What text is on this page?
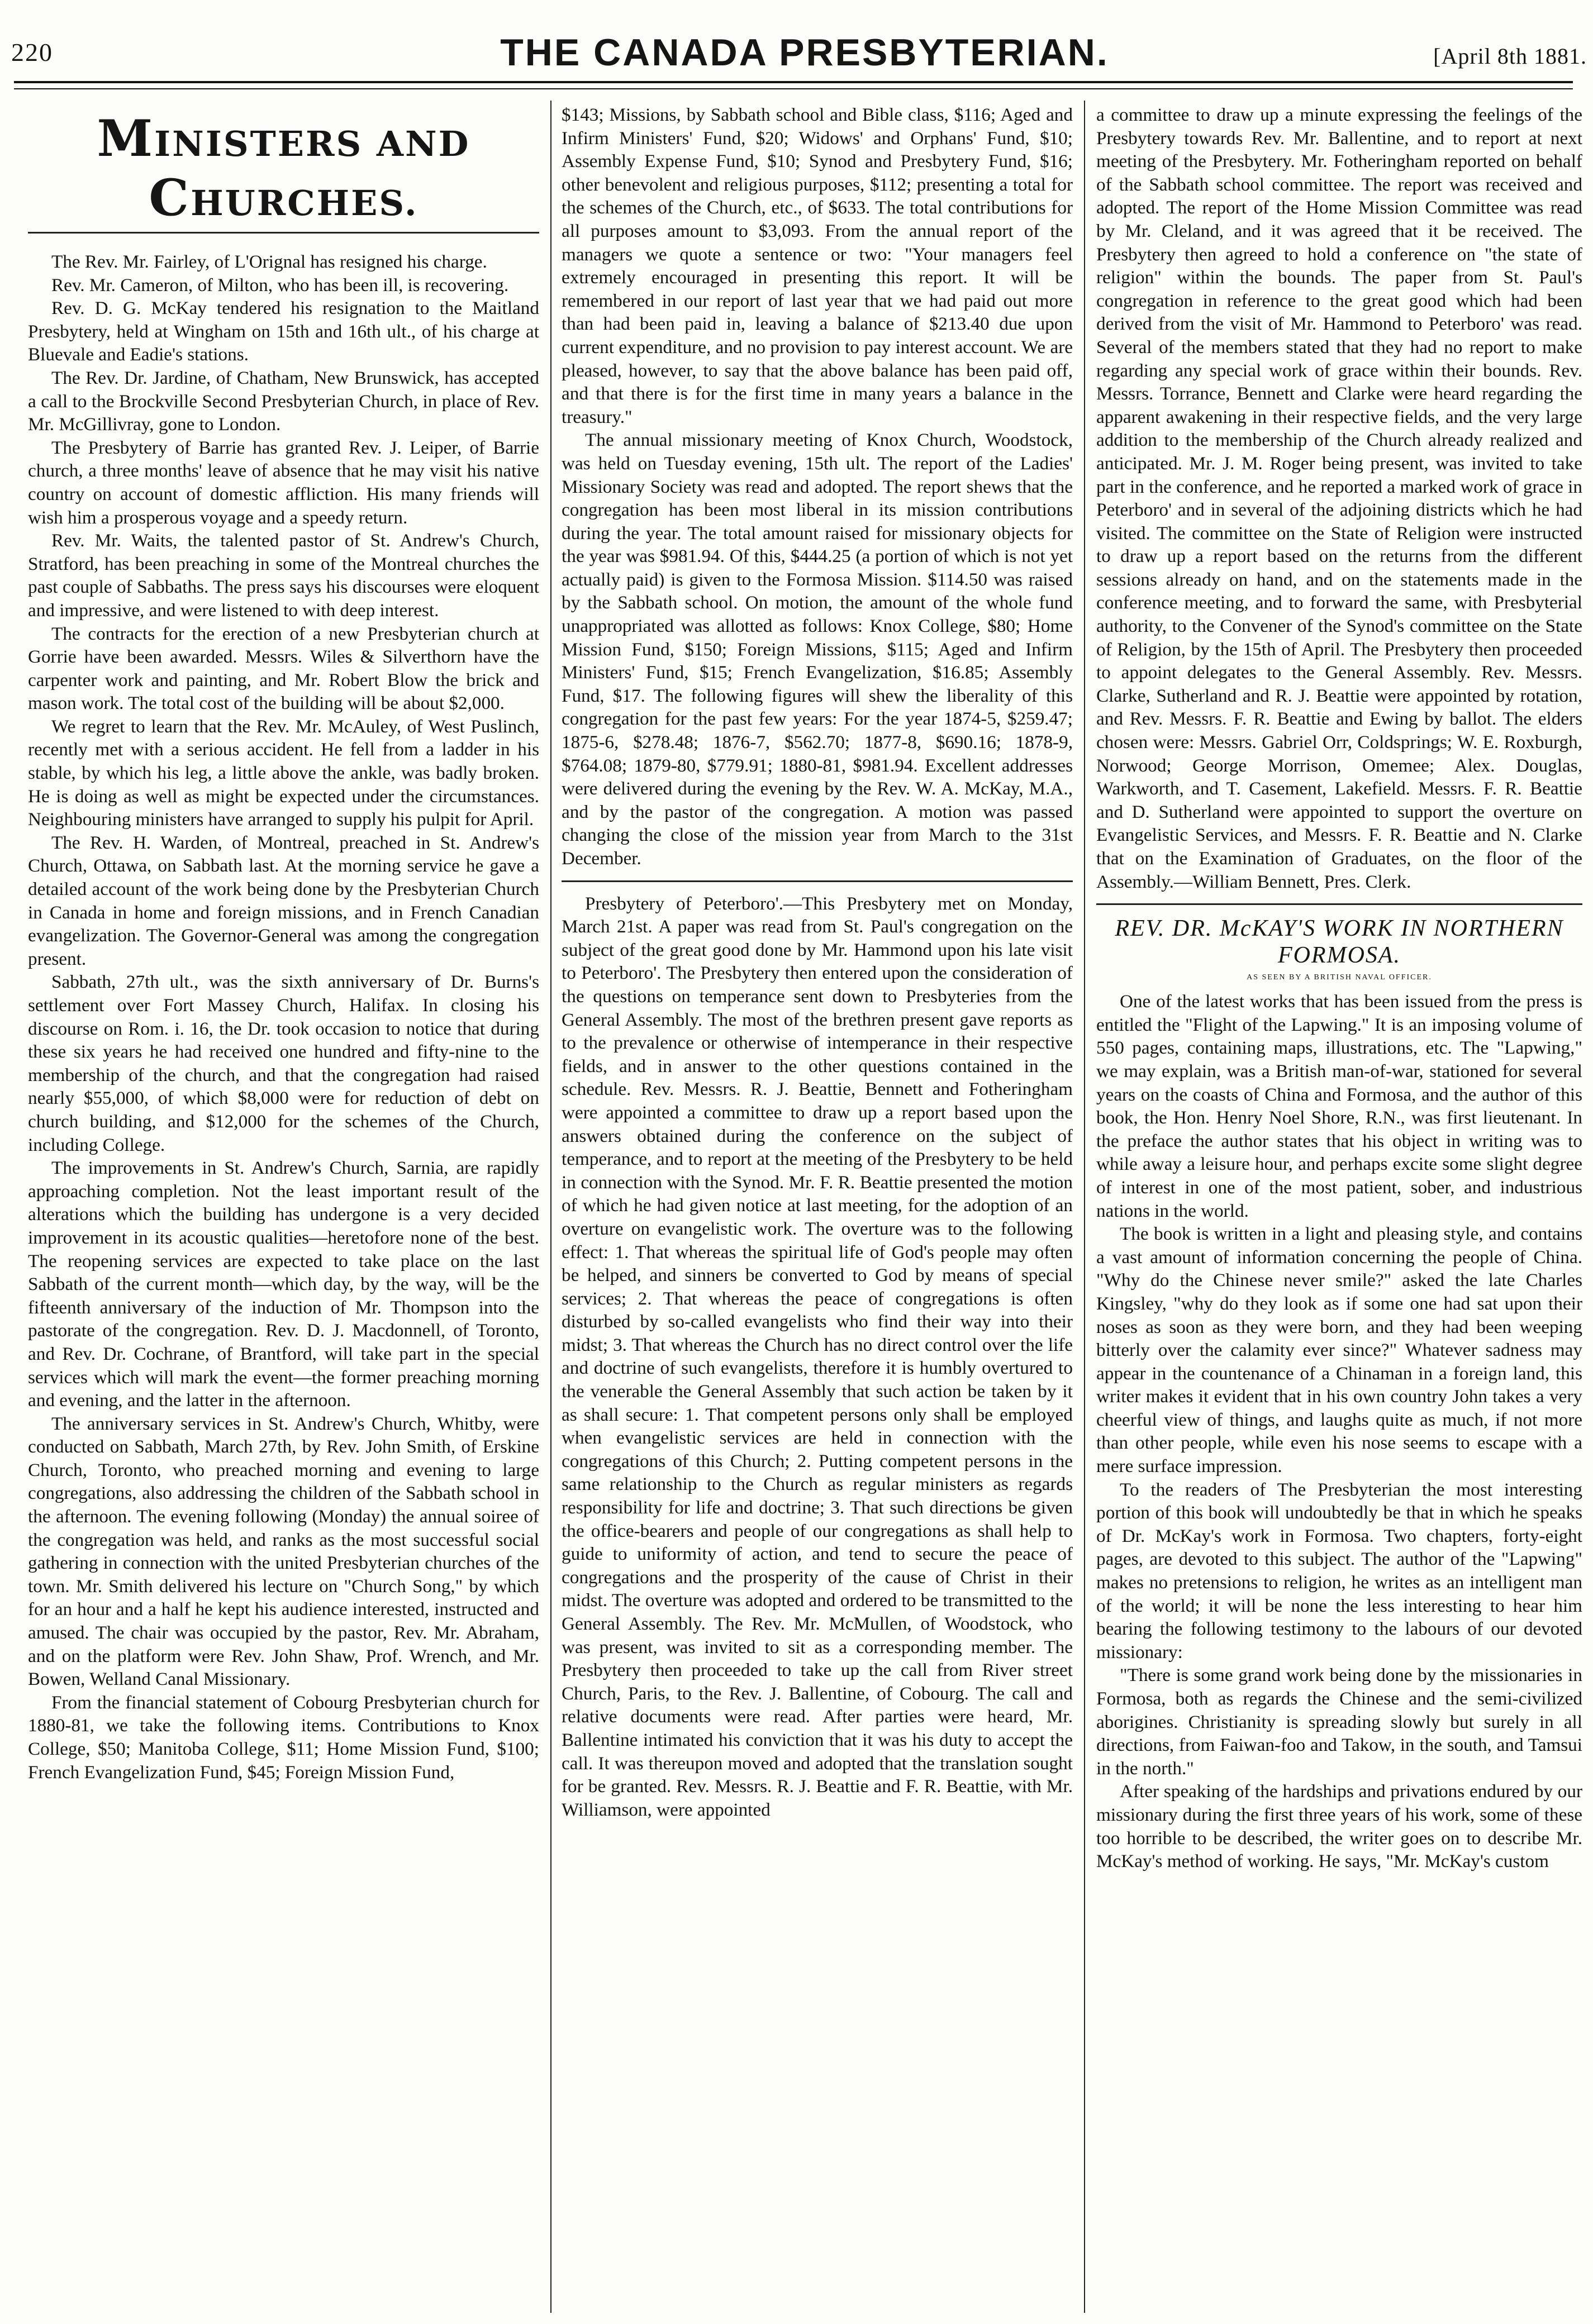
220	THE CANADA PRESBYTERIAN.	[April 8th 1881.
MINISTERS AND CHURCHES.

The Rev. Mr. Fairley, of L'Orignal has resigned his charge.

Rev. Mr. Cameron, of Milton, who has been ill, is recovering.

Rev. D. G. McKay tendered his resignation to the Maitland Presbytery, held at Wingham on 15th and 16th ult., of his charge at Bluevale and Eadie's stations.

The Rev. Dr. Jardine, of Chatham, New Brunswick, has accepted a call to the Brockville Second Presbyterian Church, in place of Rev. Mr. McGillivray, gone to London.

The Presbytery of Barrie has granted Rev. J. Leiper, of Barrie church, a three months' leave of absence that he may visit his native country on account of domestic affliction. His many friends will wish him a prosperous voyage and a speedy return.

Rev. Mr. Waits, the talented pastor of St. Andrew's Church, Stratford, has been preaching in some of the Montreal churches the past couple of Sabbaths. The press says his discourses were eloquent and impressive, and were listened to with deep interest.

The contracts for the erection of a new Presbyterian church at Gorrie have been awarded. Messrs. Wiles & Silverthorn have the carpenter work and painting, and Mr. Robert Blow the brick and mason work. The total cost of the building will be about $2,000.

We regret to learn that the Rev. Mr. McAuley, of West Puslinch, recently met with a serious accident. He fell from a ladder in his stable, by which his leg, a little above the ankle, was badly broken. He is doing as well as might be expected under the circumstances. Neighbouring ministers have arranged to supply his pulpit for April.

The Rev. H. Warden, of Montreal, preached in St. Andrew's Church, Ottawa, on Sabbath last. At the morning service he gave a detailed account of the work being done by the Presbyterian Church in Canada in home and foreign missions, and in French Canadian evangelization. The Governor-General was among the congregation present.

Sabbath, 27th ult., was the sixth anniversary of Dr. Burns's settlement over Fort Massey Church, Halifax. In closing his discourse on Rom. i. 16, the Dr. took occasion to notice that during these six years he had received one hundred and fifty-nine to the membership of the church, and that the congregation had raised nearly $55,000, of which $8,000 were for reduction of debt on church building, and $12,000 for the schemes of the Church, including College.

The improvements in St. Andrew's Church, Sarnia, are rapidly approaching completion. Not the least important result of the alterations which the building has undergone is a very decided improvement in its acoustic qualities—heretofore none of the best. The reopening services are expected to take place on the last Sabbath of the current month—which day, by the way, will be the fifteenth anniversary of the induction of Mr. Thompson into the pastorate of the congregation. Rev. D. J. Macdonnell, of Toronto, and Rev. Dr. Cochrane, of Brantford, will take part in the special services which will mark the event—the former preaching morning and evening, and the latter in the afternoon.

The anniversary services in St. Andrew's Church, Whitby, were conducted on Sabbath, March 27th, by Rev. John Smith, of Erskine Church, Toronto, who preached morning and evening to large congregations, also addressing the children of the Sabbath school in the afternoon. The evening following (Monday) the annual soiree of the congregation was held, and ranks as the most successful social gathering in connection with the united Presbyterian churches of the town. Mr. Smith delivered his lecture on "Church Song," by which for an hour and a half he kept his audience interested, instructed and amused. The chair was occupied by the pastor, Rev. Mr. Abraham, and on the platform were Rev. John Shaw, Prof. Wrench, and Mr. Bowen, Welland Canal Missionary.

From the financial statement of Cobourg Presbyterian church for 1880-81, we take the following items. Contributions to Knox College, $50; Manitoba College, $11; Home Mission Fund, $100; French Evangelization Fund, $45; Foreign Mission Fund,

$143; Missions, by Sabbath school and Bible class, $116; Aged and Infirm Ministers' Fund, $20; Widows' and Orphans' Fund, $10; Assembly Expense Fund, $10; Synod and Presbytery Fund, $16; other benevolent and religious purposes, $112; presenting a total for the schemes of the Church, etc., of $633. The total contributions for all purposes amount to $3,093. From the annual report of the managers we quote a sentence or two: "Your managers feel extremely encouraged in presenting this report. It will be remembered in our report of last year that we had paid out more than had been paid in, leaving a balance of $213.40 due upon current expenditure, and no provision to pay interest account. We are pleased, however, to say that the above balance has been paid off, and that there is for the first time in many years a balance in the treasury."

The annual missionary meeting of Knox Church, Woodstock, was held on Tuesday evening, 15th ult. The report of the Ladies' Missionary Society was read and adopted. The report shews that the congregation has been most liberal in its mission contributions during the year. The total amount raised for missionary objects for the year was $981.94. Of this, $444.25 (a portion of which is not yet actually paid) is given to the Formosa Mission. $114.50 was raised by the Sabbath school. On motion, the amount of the whole fund unappropriated was allotted as follows: Knox College, $80; Home Mission Fund, $150; Foreign Missions, $115; Aged and Infirm Ministers' Fund, $15; French Evangelization, $16.85; Assembly Fund, $17. The following figures will shew the liberality of this congregation for the past few years: For the year 1874-5, $259.47; 1875-6, $278.48; 1876-7, $562.70; 1877-8, $690.16; 1878-9, $764.08; 1879-80, $779.91; 1880-81, $981.94. Excellent addresses were delivered during the evening by the Rev. W. A. McKay, M.A., and by the pastor of the congregation. A motion was passed changing the close of the mission year from March to the 31st December.

Presbytery of Peterboro'.—This Presbytery met on Monday, March 21st. A paper was read from St. Paul's congregation on the subject of the great good done by Mr. Hammond upon his late visit to Peterboro'. The Presbytery then entered upon the consideration of the questions on temperance sent down to Presbyteries from the General Assembly. The most of the brethren present gave reports as to the prevalence or otherwise of intemperance in their respective fields, and in answer to the other questions contained in the schedule. Rev. Messrs. R. J. Beattie, Bennett and Fotheringham were appointed a committee to draw up a report based upon the answers obtained during the conference on the subject of temperance, and to report at the meeting of the Presbytery to be held in connection with the Synod. Mr. F. R. Beattie presented the motion of which he had given notice at last meeting, for the adoption of an overture on evangelistic work. The overture was to the following effect: 1. That whereas the spiritual life of God's people may often be helped, and sinners be converted to God by means of special services; 2. That whereas the peace of congregations is often disturbed by so-called evangelists who find their way into their midst; 3. That whereas the Church has no direct control over the life and doctrine of such evangelists, therefore it is humbly overtured to the venerable the General Assembly that such action be taken by it as shall secure: 1. That competent persons only shall be employed when evangelistic services are held in connection with the congregations of this Church; 2. Putting competent persons in the same relationship to the Church as regular ministers as regards responsibility for life and doctrine; 3. That such directions be given the office-bearers and people of our congregations as shall help to guide to uniformity of action, and tend to secure the peace of congregations and the prosperity of the cause of Christ in their midst. The overture was adopted and ordered to be transmitted to the General Assembly. The Rev. Mr. McMullen, of Woodstock, who was present, was invited to sit as a corresponding member. The Presbytery then proceeded to take up the call from River street Church, Paris, to the Rev. J. Ballentine, of Cobourg. The call and relative documents were read. After parties were heard, Mr. Ballentine intimated his conviction that it was his duty to accept the call. It was thereupon moved and adopted that the translation sought for be granted. Rev. Messrs. R. J. Beattie and F. R. Beattie, with Mr. Williamson, were appointed

a committee to draw up a minute expressing the feelings of the Presbytery towards Rev. Mr. Ballentine, and to report at next meeting of the Presbytery. Mr. Fotheringham reported on behalf of the Sabbath school committee. The report was received and adopted. The report of the Home Mission Committee was read by Mr. Cleland, and it was agreed that it be received. The Presbytery then agreed to hold a conference on "the state of religion" within the bounds. The paper from St. Paul's congregation in reference to the great good which had been derived from the visit of Mr. Hammond to Peterboro' was read. Several of the members stated that they had no report to make regarding any special work of grace within their bounds. Rev. Messrs. Torrance, Bennett and Clarke were heard regarding the apparent awakening in their respective fields, and the very large addition to the membership of the Church already realized and anticipated. Mr. J. M. Roger being present, was invited to take part in the conference, and he reported a marked work of grace in Peterboro' and in several of the adjoining districts which he had visited. The committee on the State of Religion were instructed to draw up a report based on the returns from the different sessions already on hand, and on the statements made in the conference meeting, and to forward the same, with Presbyterial authority, to the Convener of the Synod's committee on the State of Religion, by the 15th of April. The Presbytery then proceeded to appoint delegates to the General Assembly. Rev. Messrs. Clarke, Sutherland and R. J. Beattie were appointed by rotation, and Rev. Messrs. F. R. Beattie and Ewing by ballot. The elders chosen were: Messrs. Gabriel Orr, Coldsprings; W. E. Roxburgh, Norwood; George Morrison, Omemee; Alex. Douglas, Warkworth, and T. Casement, Lakefield. Messrs. F. R. Beattie and D. Sutherland were appointed to support the overture on Evangelistic Services, and Messrs. F. R. Beattie and N. Clarke that on the Examination of Graduates, on the floor of the Assembly.—William Bennett, Pres. Clerk.

REV. DR. McKAY'S WORK IN NORTHERN FORMOSA.
AS SEEN BY A BRITISH NAVAL OFFICER.

One of the latest works that has been issued from the press is entitled the "Flight of the Lapwing." It is an imposing volume of 550 pages, containing maps, illustrations, etc. The "Lapwing," we may explain, was a British man-of-war, stationed for several years on the coasts of China and Formosa, and the author of this book, the Hon. Henry Noel Shore, R.N., was first lieutenant. In the preface the author states that his object in writing was to while away a leisure hour, and perhaps excite some slight degree of interest in one of the most patient, sober, and industrious nations in the world.

The book is written in a light and pleasing style, and contains a vast amount of information concerning the people of China. "Why do the Chinese never smile?" asked the late Charles Kingsley, "why do they look as if some one had sat upon their noses as soon as they were born, and they had been weeping bitterly over the calamity ever since?" Whatever sadness may appear in the countenance of a Chinaman in a foreign land, this writer makes it evident that in his own country John takes a very cheerful view of things, and laughs quite as much, if not more than other people, while even his nose seems to escape with a mere surface impression.

To the readers of The Presbyterian the most interesting portion of this book will undoubtedly be that in which he speaks of Dr. McKay's work in Formosa. Two chapters, forty-eight pages, are devoted to this subject. The author of the "Lapwing" makes no pretensions to religion, he writes as an intelligent man of the world; it will be none the less interesting to hear him bearing the following testimony to the labours of our devoted missionary:

"There is some grand work being done by the missionaries in Formosa, both as regards the Chinese and the semi-civilized aborigines. Christianity is spreading slowly but surely in all directions, from Faiwan-foo and Takow, in the south, and Tamsui in the north."

After speaking of the hardships and privations endured by our missionary during the first three years of his work, some of these too horrible to be described, the writer goes on to describe Mr. McKay's method of working. He says, "Mr. McKay's custom
